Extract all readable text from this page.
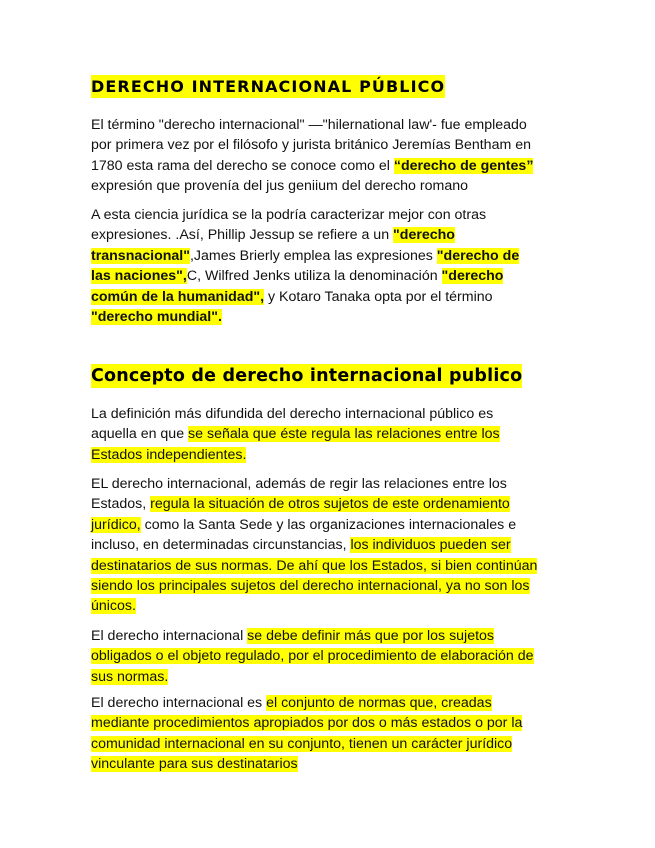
DERECHO INTERNACIONAL PÚBLICO

El término "derecho internacional" —"hilernational law'- fue empleado
por primera vez por el filósofo y jurista británico Jeremías Bentham en
1780 esta rama del derecho se conoce como el “derecho de gentes”
expresión que provenía del jus geniium del derecho romano

A esta ciencia jurídica se la podría caracterizar mejor con otras
expresiones. .Así, Phillip Jessup se refiere a un "derecho
transnacional",James Brierly emplea las expresiones "derecho de
las naciones",C, Wilfred Jenks utiliza la denominación "derecho
común de la humanidad", y Kotaro Tanaka opta por el término
"derecho mundial".

Concepto de derecho internacional publico

La definición más difundida del derecho internacional público es
aquella en que se señala que éste regula las relaciones entre los
Estados independientes.

EL derecho internacional, además de regir las relaciones entre los
Estados, regula la situación de otros sujetos de este ordenamiento
jurídico, como la Santa Sede y las organizaciones internacionales e
incluso, en determinadas circunstancias, los individuos pueden ser
destinatarios de sus normas. De ahí que los Estados, si bien continúan
siendo los principales sujetos del derecho internacional, ya no son los
únicos.

El derecho internacional se debe definir más que por los sujetos
obligados o el objeto regulado, por el procedimiento de elaboración de
sus normas.

El derecho internacional es el conjunto de normas que, creadas
mediante procedimientos apropiados por dos o más estados o por la
comunidad internacional en su conjunto, tienen un carácter jurídico
vinculante para sus destinatarios
